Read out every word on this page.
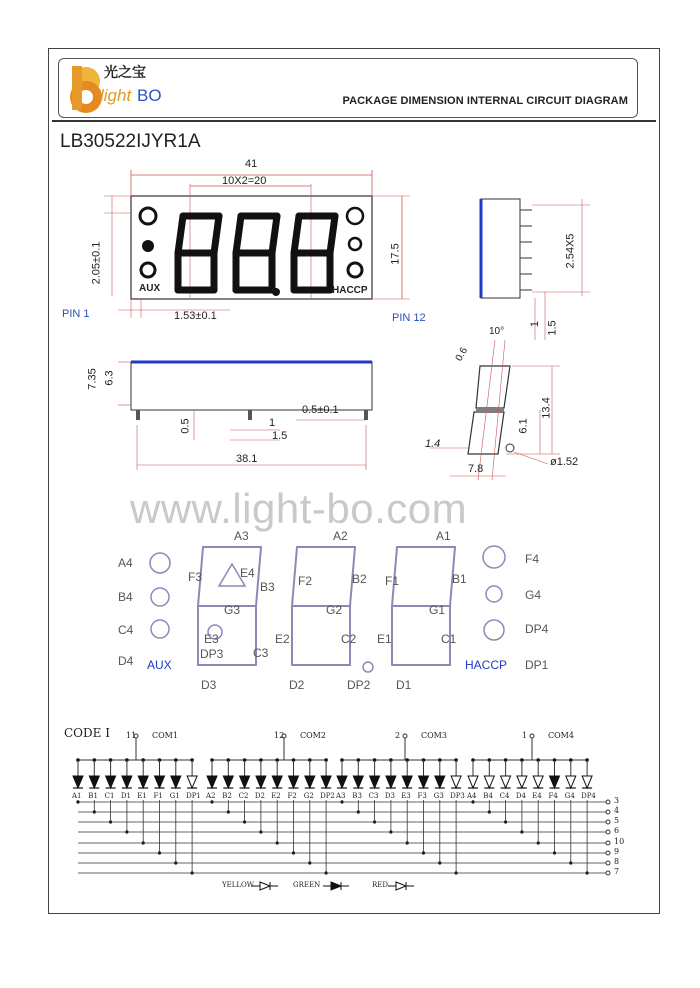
光之宝
light BO	PACKAGE DIMENSION INTERNAL CIRCUIT DIAGRAM
LB30522IJYR1A
41
10X2=20
17.5
2.05±0.1
1.53±0.1
PIN 1	PIN 12
AUX	HACCP
2.54X5
1 1.5
7.35 6.3
0.5	1
1.5
0.5±0.1
38.1
10°
0.6
6.1
13.4
1.4
7.8
ø1.52
www.light-bo.com
A4
B4
C4
D4 AUX
F4
G4
DP4
DP1
HACCP
A3
F3	E4
B3
G3
E3
C3
DP3
D3
A2
F2	B2
G2
E2	C2
D2	DP2
A1
F1	B1
G1
E1	C1
D1
CODE I 11 COM1
A1 B1 C1 D1 E1 F1 G1 DP1
12 COM2
A2 B2 C2 D2 E2 F2 G2 DP2
2	COM3
A3 B3 C3 D3 E3 F3 G3 DP3
1	COM4
A4 B4 C4 D4 E4 F4 G4 DP4 3
4
5
6
10
9
8
7
YELLOW	GREEN	RED
